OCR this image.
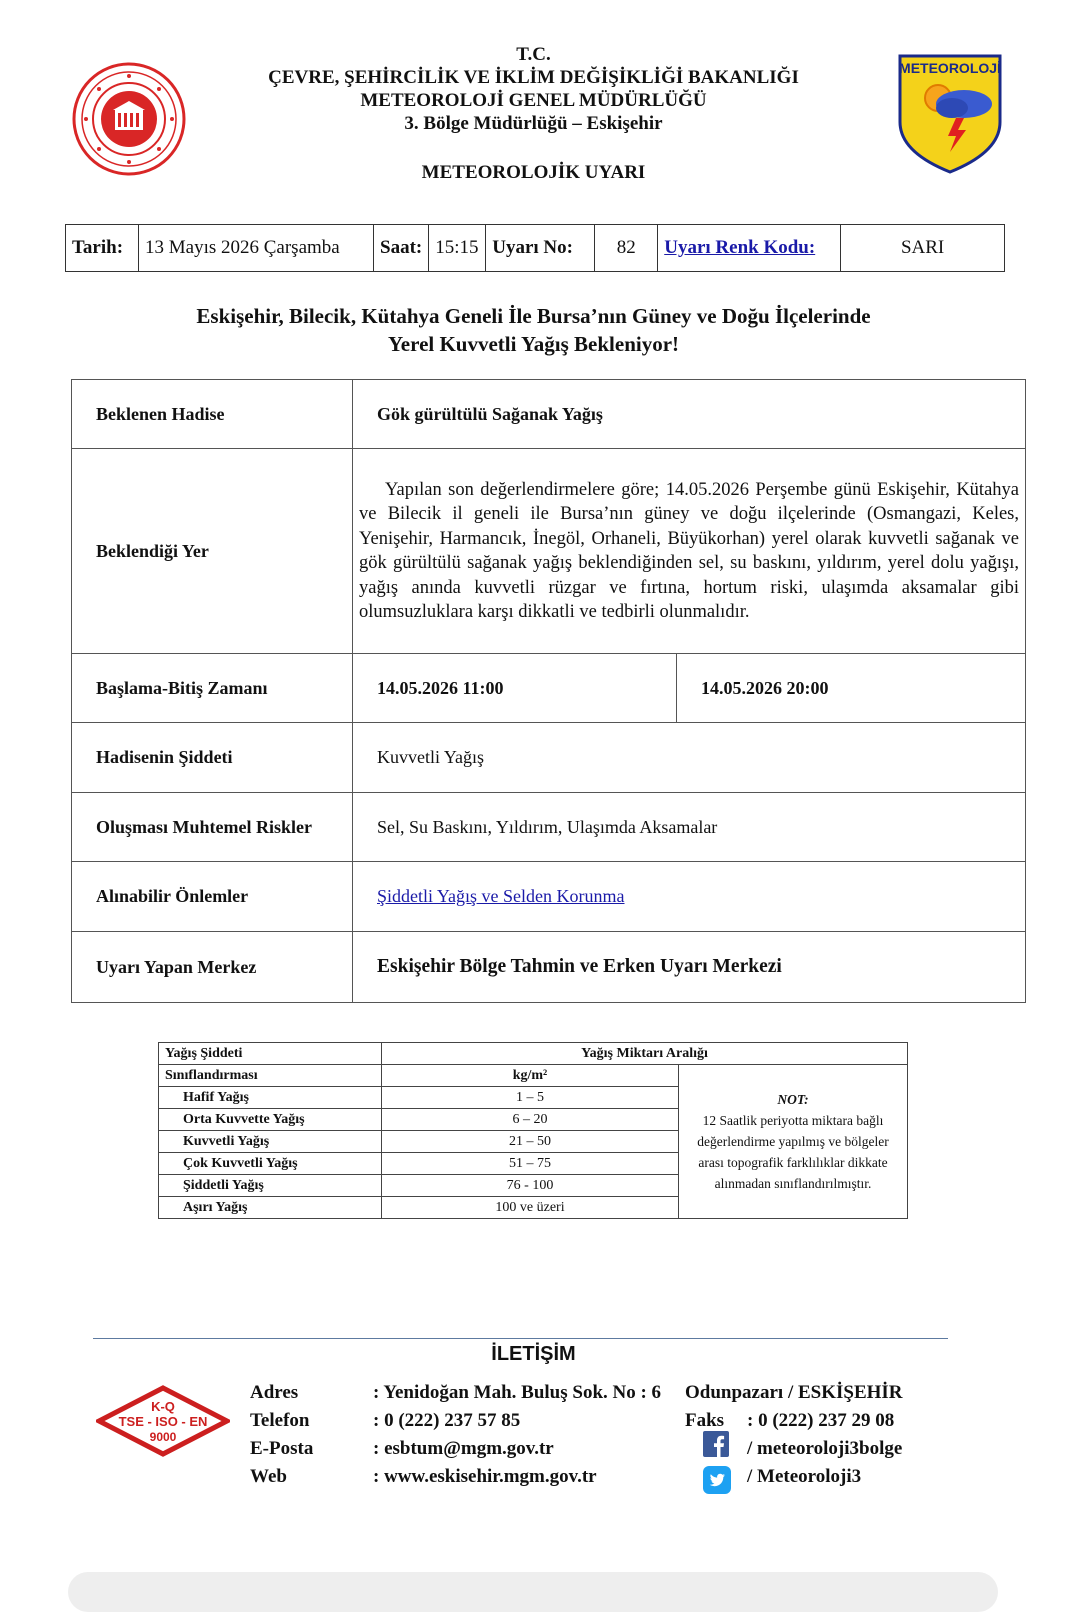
METEOROLOJİ
T.C.
ÇEVRE, ŞEHİRCİLİK VE İKLİM DEĞİŞİKLİĞİ BAKANLIĞI
METEOROLOJİ GENEL MÜDÜRLÜĞÜ
3. Bölge Müdürlüğü – Eskişehir
METEOROLOJİK UYARI
Tarih:	13 Mayıs 2026 Çarşamba	Saat:	15:15	Uyarı No:	82	Uyarı Renk Kodu:	SARI
Eskişehir, Bilecik, Kütahya Geneli İle Bursa’nın Güney ve Doğu İlçelerinde
Yerel Kuvvetli Yağış Bekleniyor!
Beklenen Hadise	Gök gürültülü Sağanak Yağış	
Beklendiği Yer	Yapılan son değerlendirmelere göre; 14.05.2026 Perşembe günü Eskişehir, Kütahya ve Bilecik il geneli ile Bursa’nın güney ve doğu ilçelerinde (Osmangazi, Keles, Yenişehir, Harmancık, İnegöl, Orhaneli, Büyükorhan) yerel olarak kuvvetli sağanak ve gök gürültülü sağanak yağış beklendiğinden sel, su baskını, yıldırım, yerel dolu yağışı, yağış anında kuvvetli rüzgar ve fırtına, hortum riski, ulaşımda aksamalar gibi olumsuzluklara karşı dikkatli ve tedbirli olunmalıdır.	
Başlama-Bitiş Zamanı	14.05.2026 11:00	14.05.2026 20:00
Hadisenin Şiddeti	Kuvvetli Yağış	
Oluşması Muhtemel Riskler	Sel, Su Baskını, Yıldırım, Ulaşımda Aksamalar	
Alınabilir Önlemler	Şiddetli Yağış ve Selden Korunma	
Uyarı Yapan Merkez	Eskişehir Bölge Tahmin ve Erken Uyarı Merkezi	
Yağış Şiddeti	Yağış Miktarı Aralığı	
Sınıflandırması	kg/m²	NOT:
12 Saatlik periyotta miktara bağlı değerlendirme yapılmış ve bölgeler arası topografik farklılıklar dikkate alınmadan sınıflandırılmıştır.

Hafif Yağış	1 – 5	
Orta Kuvvette Yağış	6 – 20	
Kuvvetli Yağış	21 – 50	
Çok Kuvvetli Yağış	51 – 75	
Şiddetli Yağış	76 - 100	
Aşırı Yağış	100 ve üzeri	
İLETİŞİM
K-Q
TSE - ISO - EN
9000
Adres	: Yenidoğan Mah. Buluş Sok. No : 6 Odunpazarı / ESKİŞEHİR
Telefon	: 0 (222) 237 57 85	Faks : 0 (222) 237 29 08
E-Posta	: esbtum@mgm.gov.tr	/ meteoroloji3bolge
Web	: www.eskisehir.mgm.gov.tr	/ Meteoroloji3
